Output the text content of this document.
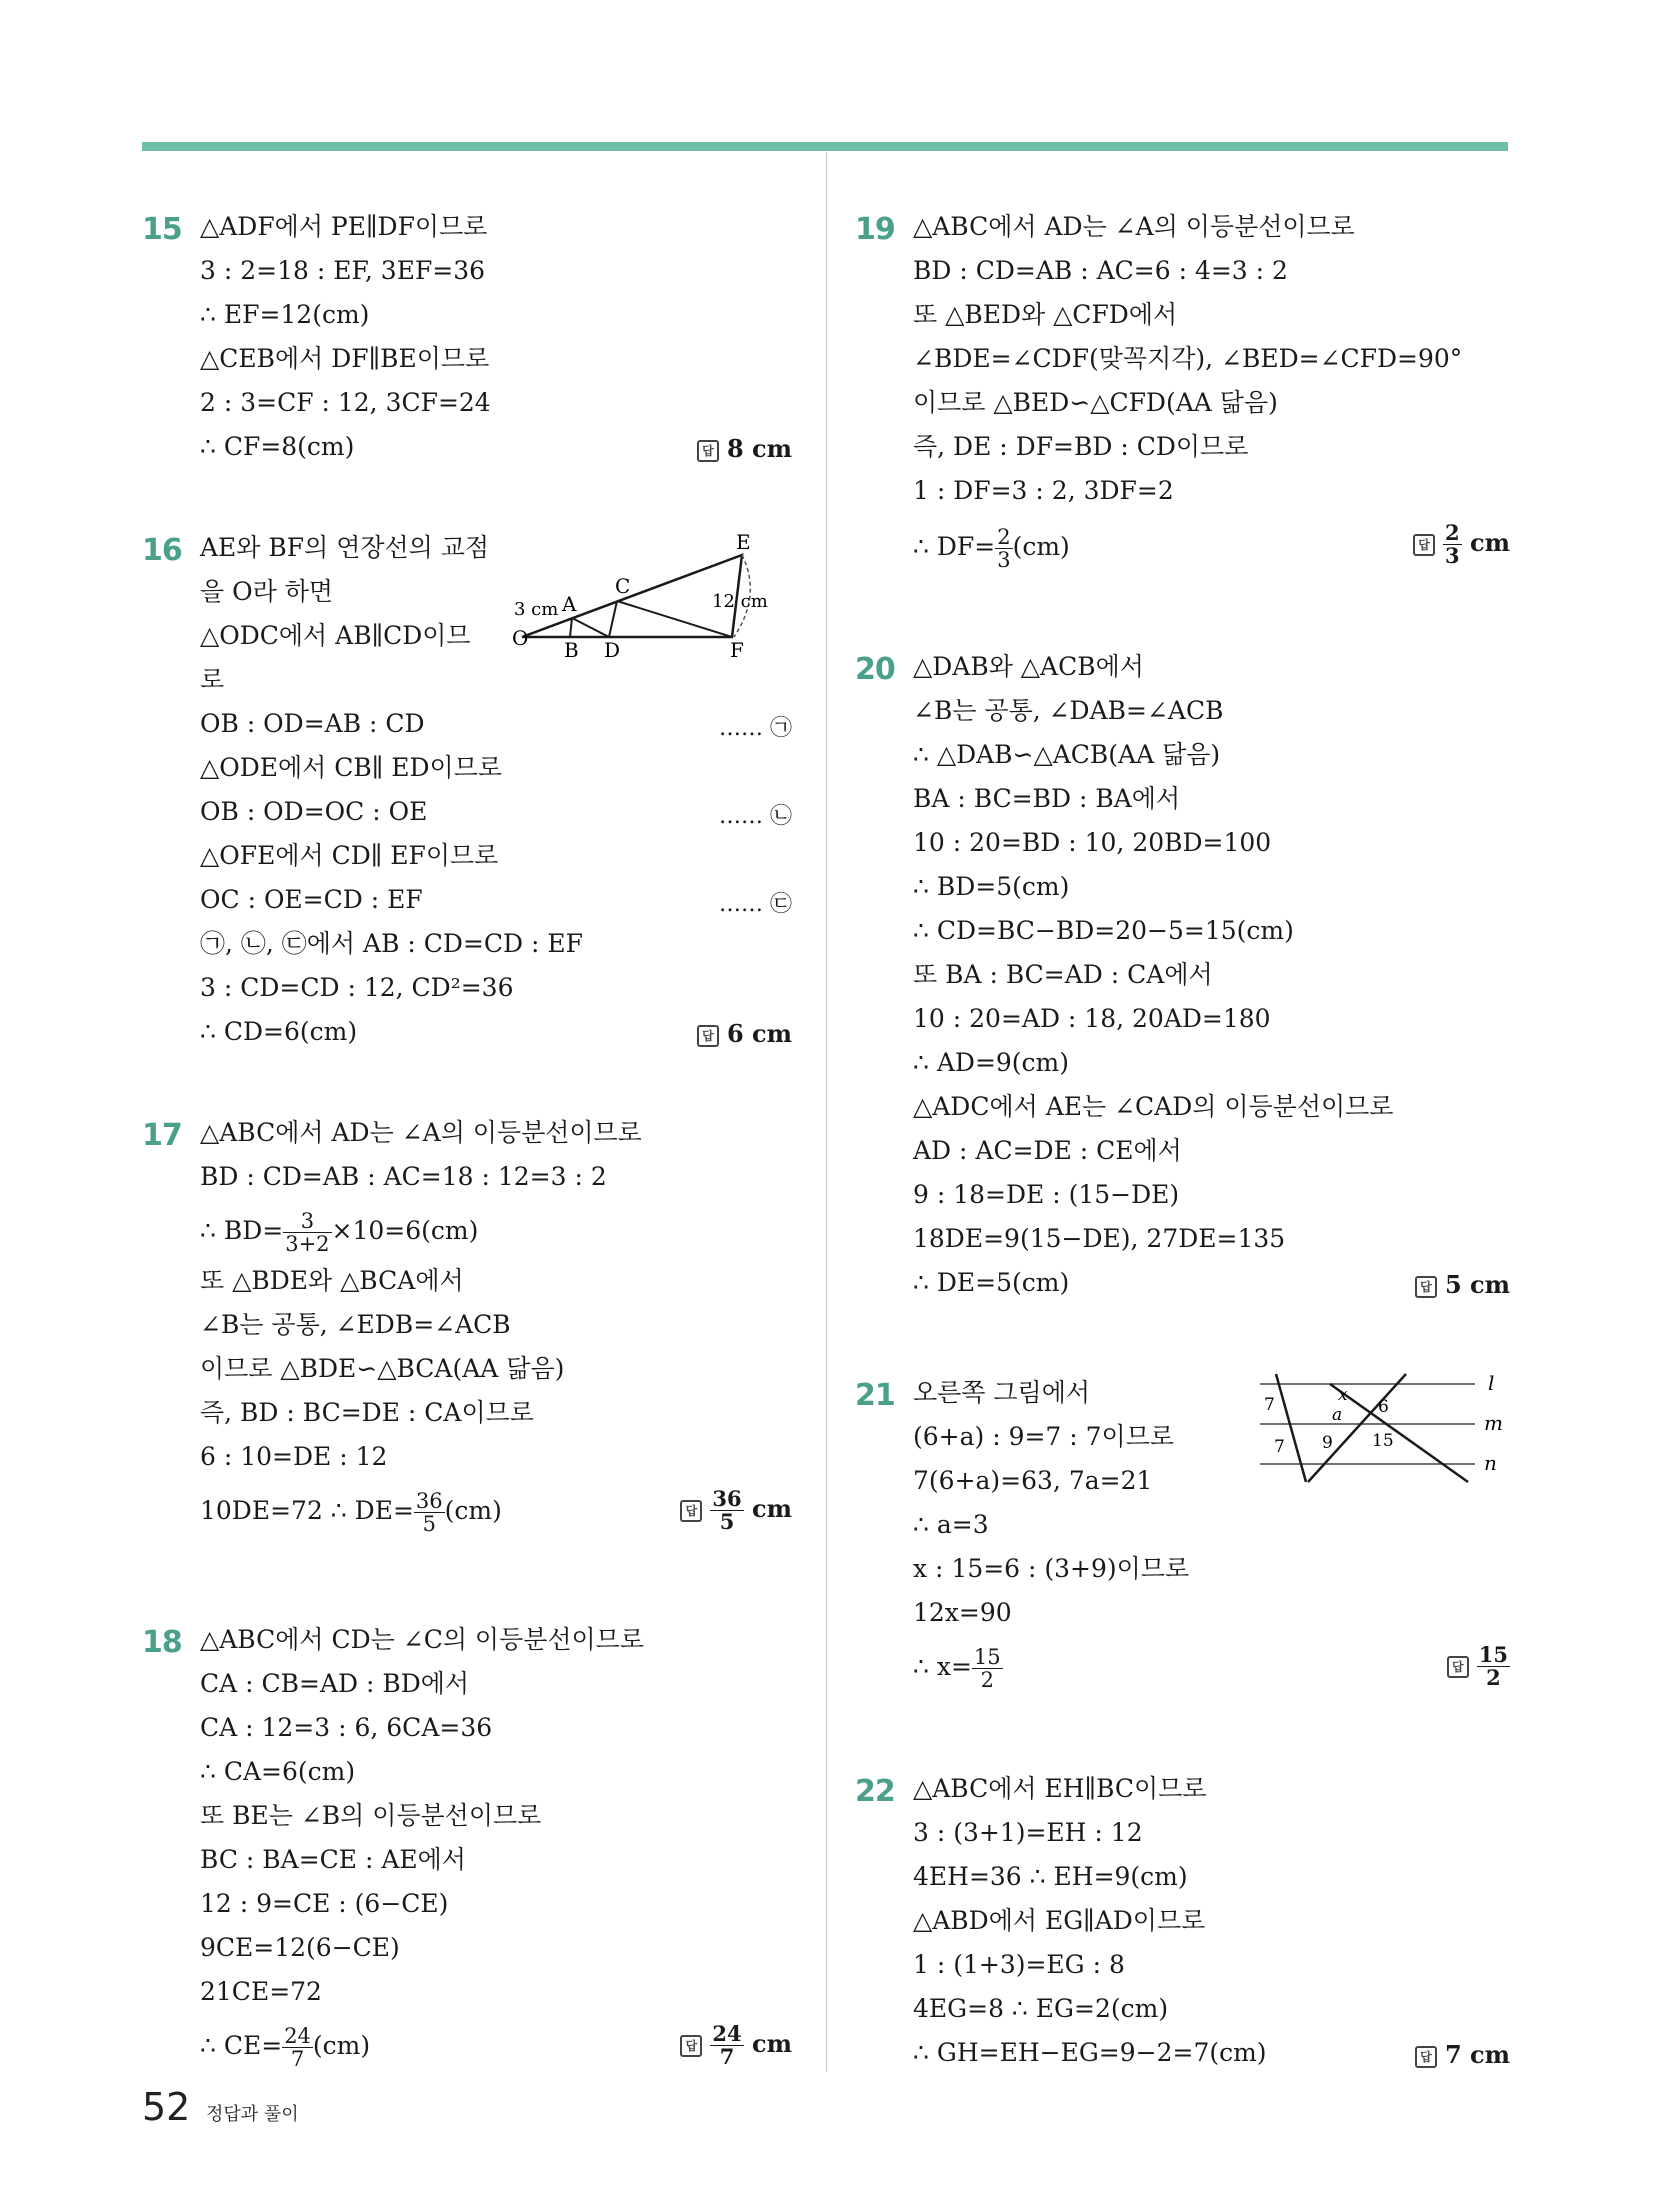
15 △ADF에서 PE∥DF이므로
3 : 2=18 : EF, 3EF=36
∴ EF=12(cm)
△CEB에서 DF∥BE이므로
2 : 3=CF : 12, 3CF=24
∴ CF=8(cm)	답 8 cm
16 AE와 BF의 연장선의 교점
을 O라 하면
△ODC에서 AB∥CD이므
로
OB : OD=AB : CD	…… ㉠
△ODE에서 CB∥ ED이므로
OB : OD=OC : OE	…… ㉡
△OFE에서 CD∥ EF이므로
OC : OE=CD : EF	…… ㉢
㉠, ㉡, ㉢에서 AB : CD=CD : EF
3 : CD=CD : 12, CD²=36
∴ CD=6(cm)	답 6 cm
E
C
A
O B D	F
3 cm	12 cm
17 △ABC에서 AD는 ∠A의 이등분선이므로
BD : CD=AB : AC=18 : 12=3 : 2
∴ $BD= \frac{3}{3+2} \times 10=6(cm)$
또 △BDE와 △BCA에서
∠B는 공통, ∠EDB=∠ACB
이므로 △BDE∽△BCA(AA 닮음)
즉, BD : BC=DE : CA이므로
6 : 10=DE : 12
10DE=72 ∴ $DE= \frac{36}{5} (cm)$	답 $\frac{36}{5}$ cm
18 △ABC에서 CD는 ∠C의 이등분선이므로
CA : CB=AD : BD에서
CA : 12=3 : 6, 6CA=36
∴ CA=6(cm)
또 BE는 ∠B의 이등분선이므로
BC : BA=CE : AE에서
12 : 9=CE : (6−CE)
9CE=12(6−CE)
21CE=72
∴ $CE= \frac{24}{7} (cm)$	답 $\frac{24}{7}$ cm
19 △ABC에서 AD는 ∠A의 이등분선이므로
BD : CD=AB : AC=6 : 4=3 : 2
또 △BED와 △CFD에서
∠BDE=∠CDF(맞꼭지각), ∠BED=∠CFD=90°
이므로 △BED∽△CFD(AA 닮음)
즉, DE : DF=BD : CD이므로
1 : DF=3 : 2, 3DF=2
∴ $DF= \frac{2}{3} (cm)$	답 $\frac{2}{3}$ cm
20 △DAB와 △ACB에서
∠B는 공통, ∠DAB=∠ACB
∴ △DAB∽△ACB(AA 닮음)
BA : BC=BD : BA에서
10 : 20=BD : 10, 20BD=100
∴ BD=5(cm)
∴ CD=BC−BD=20−5=15(cm)
또 BA : BC=AD : CA에서
10 : 20=AD : 18, 20AD=180
∴ AD=9(cm)
△ADC에서 AE는 ∠CAD의 이등분선이므로
AD : AC=DE : CE에서
9 : 18=DE : (15−DE)
18DE=9(15−DE), 27DE=135
∴ DE=5(cm)	답 5 cm
21 오른쪽 그림에서
(6+a) : 9=7 : 7이므로
7(6+a)=63, 7a=21
∴ a=3
x : 15=6 : (3+9)이므로
12x=90
∴ $x= \frac{15}{2}$	답 $\frac{15}{2}$
l
m
n
7
7
x
a 6
9 15
22 △ABC에서 EH∥BC이므로
3 : (3+1)=EH : 12
4EH=36 ∴ EH=9(cm)
△ABD에서 EG∥AD이므로
1 : (1+3)=EG : 8
4EG=8 ∴ EG=2(cm)
∴ GH=EH−EG=9−2=7(cm)	답 7 cm
52 정답과 풀이
